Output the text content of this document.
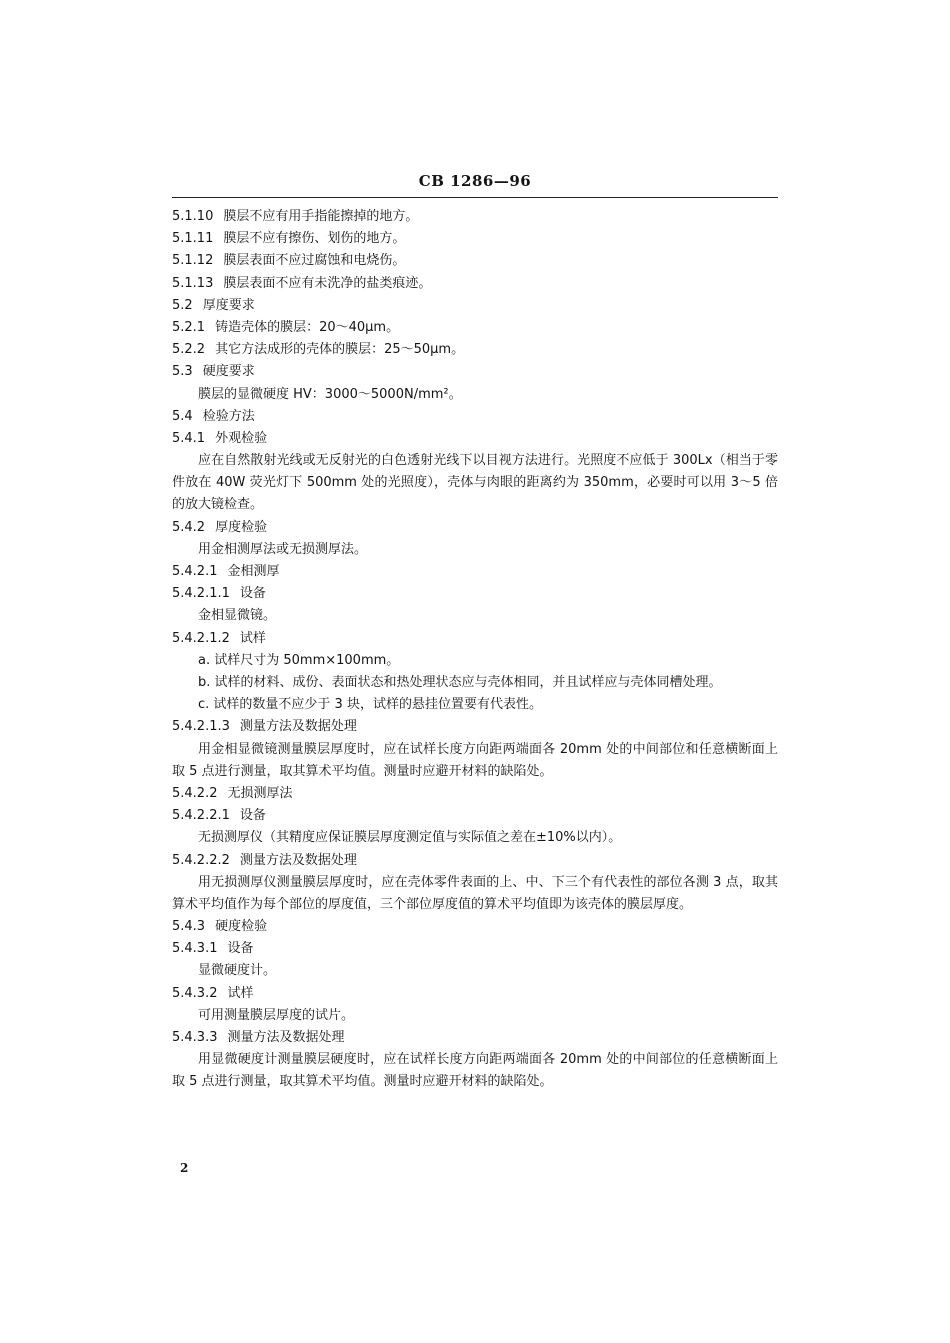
CB 1286—96
5.1.10 膜层不应有用手指能擦掉的地方。
5.1.11 膜层不应有擦伤、划伤的地方。
5.1.12 膜层表面不应过腐蚀和电烧伤。
5.1.13 膜层表面不应有未洗净的盐类痕迹。
5.2 厚度要求
5.2.1 铸造壳体的膜层：20～40μm。
5.2.2 其它方法成形的壳体的膜层：25～50μm。
5.3 硬度要求
膜层的显微硬度 HV：3000～5000N/mm²。
5.4 检验方法
5.4.1 外观检验
应在自然散射光线或无反射光的白色透射光线下以目视方法进行。光照度不应低于 300Lx（相当于零件放在 40W 荧光灯下 500mm 处的光照度），壳体与肉眼的距离约为 350mm，必要时可以用 3～5 倍的放大镜检查。
5.4.2 厚度检验
用金相测厚法或无损测厚法。
5.4.2.1 金相测厚
5.4.2.1.1 设备
金相显微镜。
5.4.2.1.2 试样
a. 试样尺寸为 50mm×100mm。
b. 试样的材料、成份、表面状态和热处理状态应与壳体相同，并且试样应与壳体同槽处理。
c. 试样的数量不应少于 3 块，试样的悬挂位置要有代表性。
5.4.2.1.3 测量方法及数据处理
用金相显微镜测量膜层厚度时，应在试样长度方向距两端面各 20mm 处的中间部位和任意横断面上取 5 点进行测量，取其算术平均值。测量时应避开材料的缺陷处。
5.4.2.2 无损测厚法
5.4.2.2.1 设备
无损测厚仪（其精度应保证膜层厚度测定值与实际值之差在±10%以内）。
5.4.2.2.2 测量方法及数据处理
用无损测厚仪测量膜层厚度时，应在壳体零件表面的上、中、下三个有代表性的部位各测 3 点，取其算术平均值作为每个部位的厚度值，三个部位厚度值的算术平均值即为该壳体的膜层厚度。
5.4.3 硬度检验
5.4.3.1 设备
显微硬度计。
5.4.3.2 试样
可用测量膜层厚度的试片。
5.4.3.3 测量方法及数据处理
用显微硬度计测量膜层硬度时，应在试样长度方向距两端面各 20mm 处的中间部位的任意横断面上取 5 点进行测量，取其算术平均值。测量时应避开材料的缺陷处。
2
